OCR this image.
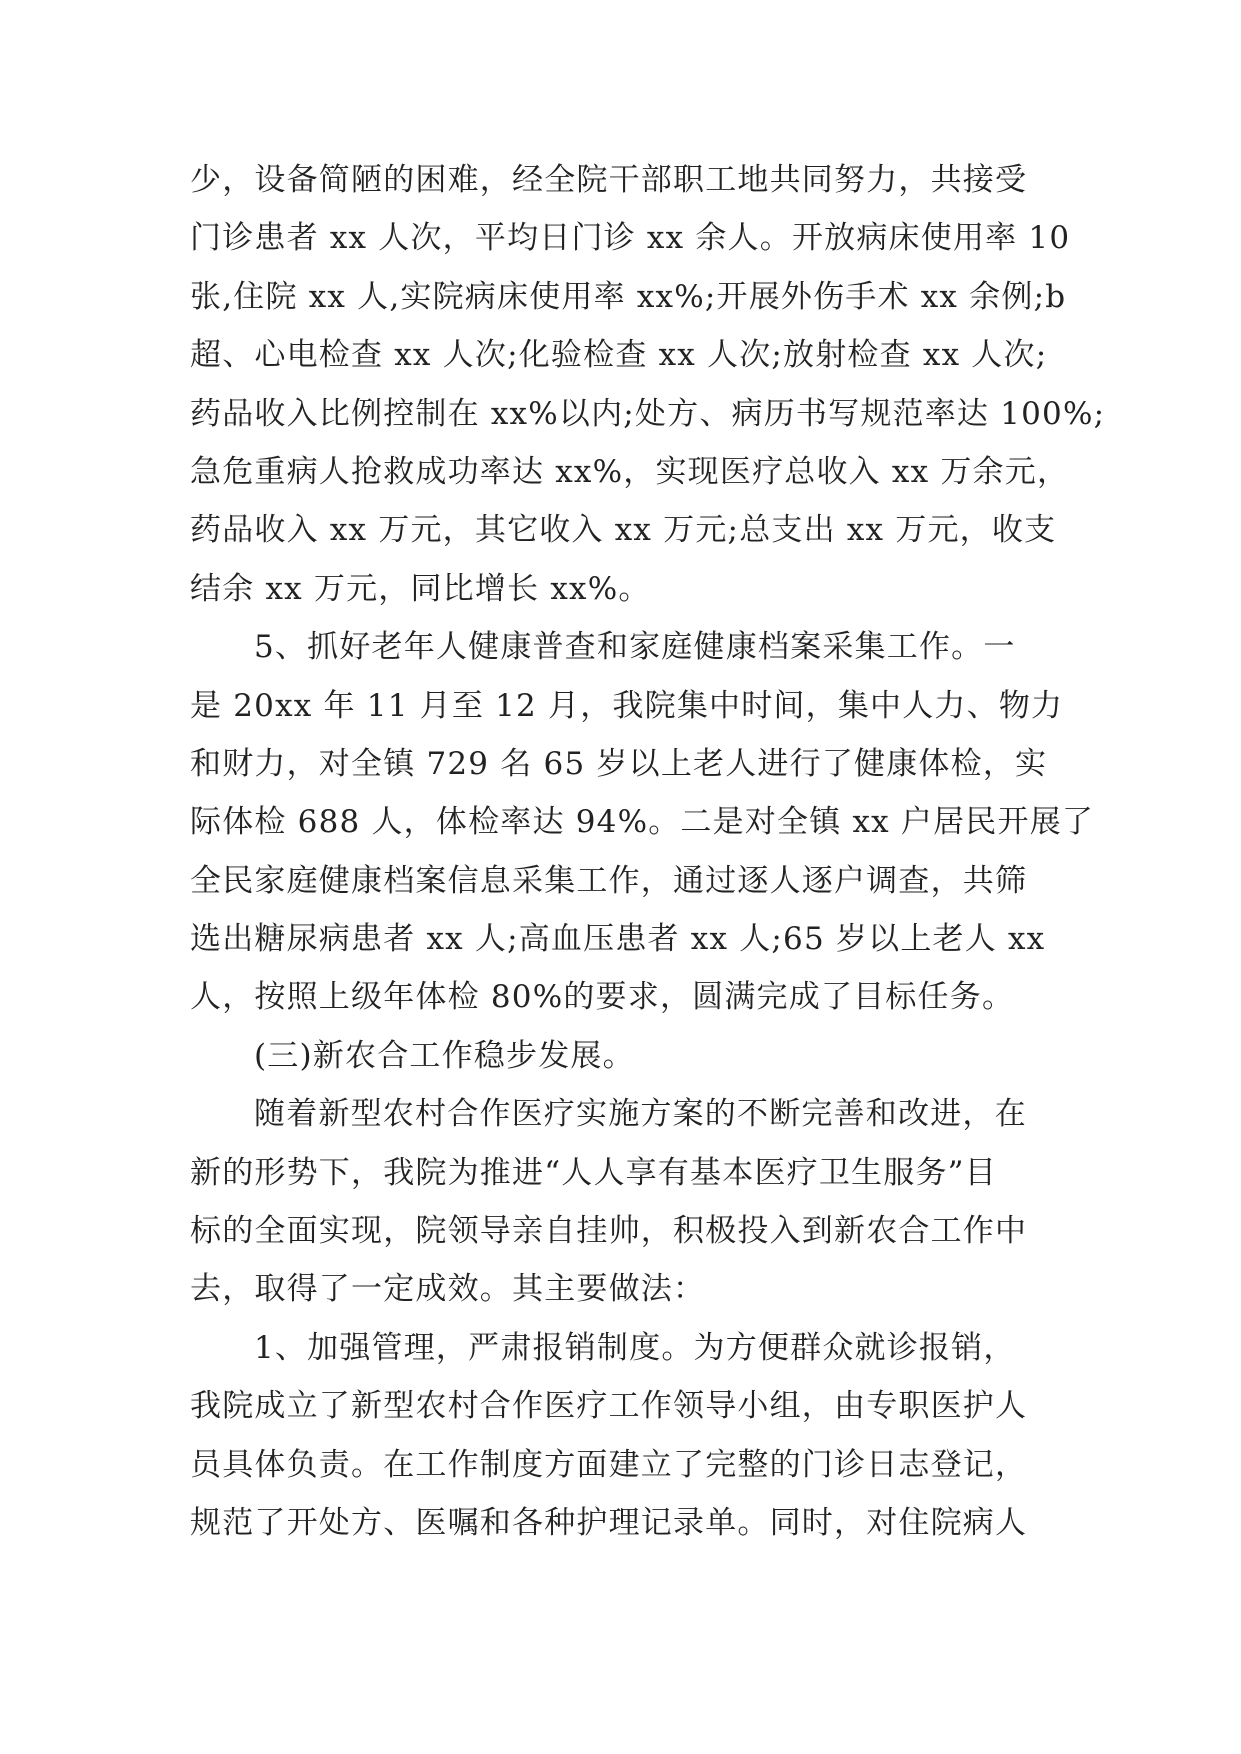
少，设备简陋的困难，经全院干部职工地共同努力，共接受
门诊患者 xx 人次，平均日门诊 xx 余人。开放病床使用率 10
张,住院 xx 人,实院病床使用率 xx%;开展外伤手术 xx 余例;b
超、心电检查 xx 人次;化验检查 xx 人次;放射检查 xx 人次;
药品收入比例控制在 xx%以内;处方、病历书写规范率达 100%;
急危重病人抢救成功率达 xx%，实现医疗总收入 xx 万余元，
药品收入 xx 万元，其它收入 xx 万元;总支出 xx 万元，收支
结余 xx 万元，同比增长 xx%。
5、抓好老年人健康普查和家庭健康档案采集工作。一
是 20xx 年 11 月至 12 月，我院集中时间，集中人力、物力
和财力，对全镇 729 名 65 岁以上老人进行了健康体检，实
际体检 688 人，体检率达 94%。二是对全镇 xx 户居民开展了
全民家庭健康档案信息采集工作，通过逐人逐户调查，共筛
选出糖尿病患者 xx 人;高血压患者 xx 人;65 岁以上老人 xx
人，按照上级年体检 80%的要求，圆满完成了目标任务。
(三)新农合工作稳步发展。
随着新型农村合作医疗实施方案的不断完善和改进，在
新的形势下，我院为推进“人人享有基本医疗卫生服务”目
标的全面实现，院领导亲自挂帅，积极投入到新农合工作中
去，取得了一定成效。其主要做法：
1、加强管理，严肃报销制度。为方便群众就诊报销，
我院成立了新型农村合作医疗工作领导小组，由专职医护人
员具体负责。在工作制度方面建立了完整的门诊日志登记，
规范了开处方、医嘱和各种护理记录单。同时，对住院病人
